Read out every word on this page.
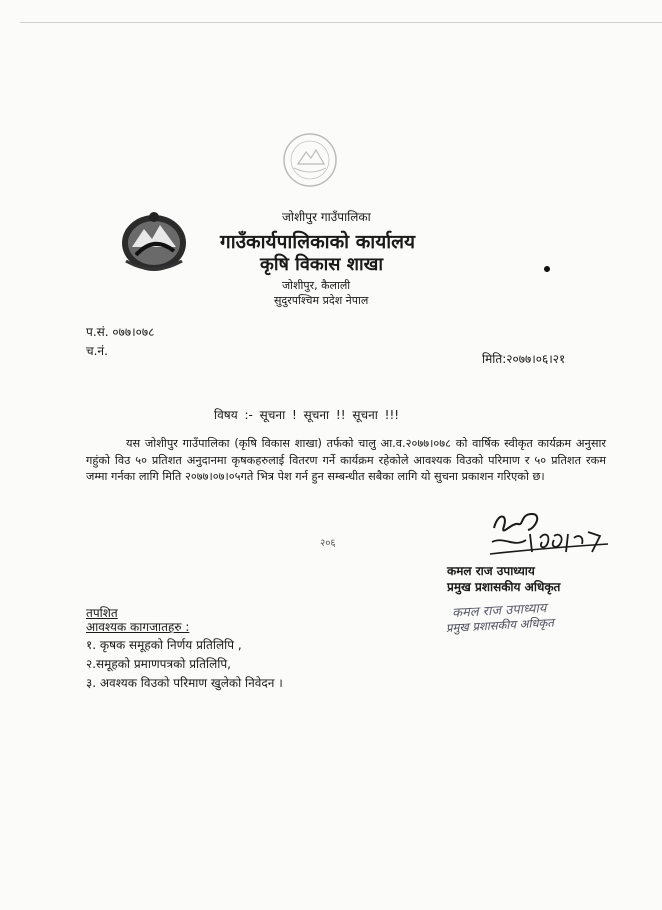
जोशीपुर गाउँपालिका
गाउँकार्यपालिकाको कार्यालय
कृषि विकास शाखा
जोशीपुर, कैलाली
सुदुरपश्चिम प्रदेश नेपाल
प.सं. ०७७।०७८
च.नं.
मिति:२०७७।०६।२१
विषय :- सूचना ! सूचना !! सूचना !!!
यस जोशीपुर गाउँपालिका (कृषि विकास शाखा) तर्फको चालु आ.व.२०७७।०७८ को वार्षिक स्वीकृत कार्यक्रम अनुसार गहुंको विउ ५० प्रतिशत अनुदानमा कृषकहरुलाई वितरण गर्ने कार्यक्रम रहेकोले आवश्यक विउको परिमाण र ५० प्रतिशत रकम जम्मा गर्नका लागि मिति २०७७।०७।०५गते भित्र पेश गर्न हुन सम्बन्धीत सबैका लागि यो सुचना प्रकाशन गरिएको छ।
२०६
कमल राज उपाध्याय
प्रमुख प्रशासकीय अधिकृत
कमल राज उपाध्याय
प्रमुख प्रशासकीय अधिकृत
तपशित
आवश्यक कागजातहरु :
१. कृषक समूहको निर्णय प्रतिलिपि ,
२.समूहको प्रमाणपत्रको प्रतिलिपि,
३. अवश्यक विउको परिमाण खुलेको निवेदन ।
